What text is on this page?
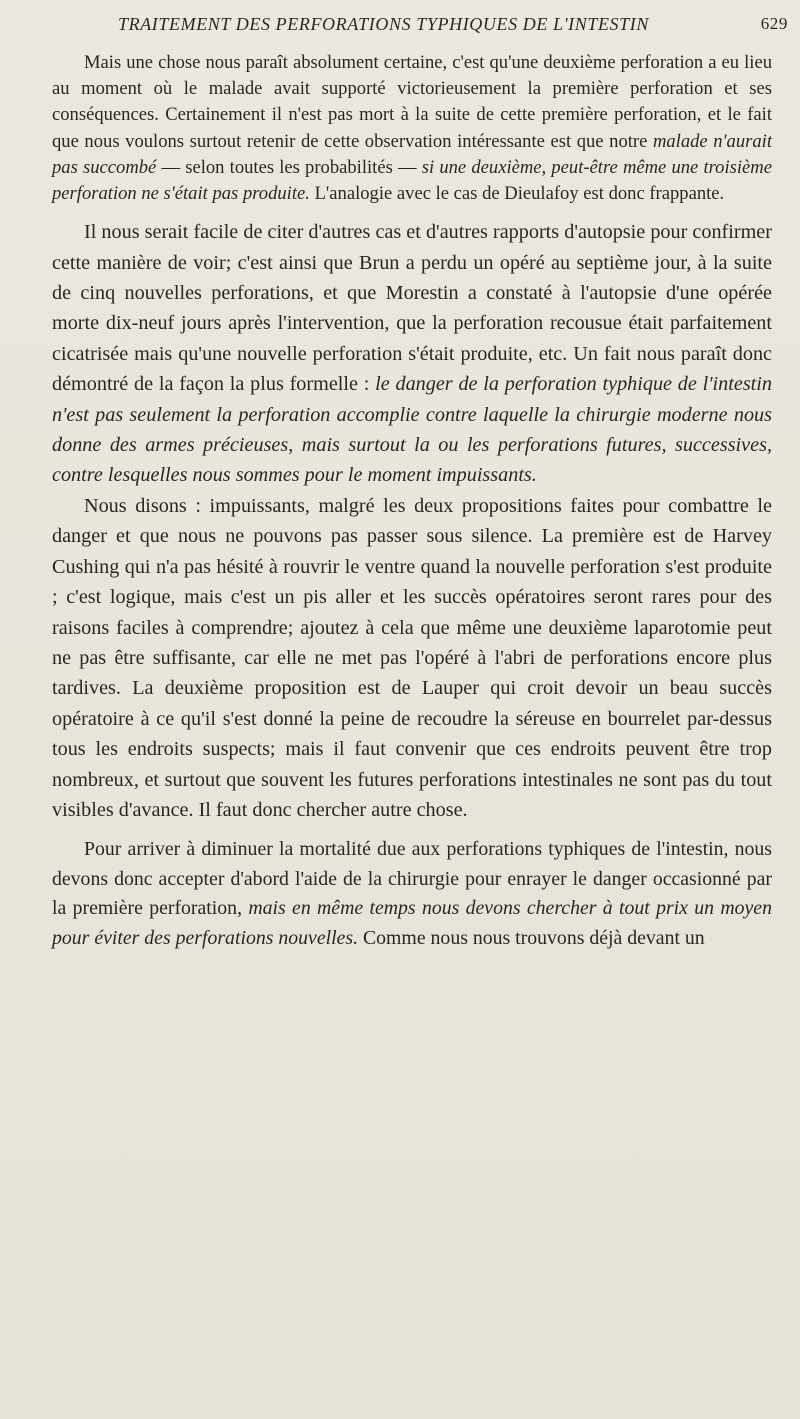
TRAITEMENT DES PERFORATIONS TYPHIQUES DE L'INTESTIN	629

Mais une chose nous paraît absolument certaine, c'est qu'une deuxième perforation a eu lieu au moment où le malade avait supporté victorieusement la première perforation et ses conséquences. Certainement il n'est pas mort à la suite de cette première perforation, et le fait que nous voulons surtout retenir de cette observation intéressante est que notre malade n'aurait pas succombé — selon toutes les probabilités — si une deuxième, peut-être même une troisième perforation ne s'était pas produite. L'analogie avec le cas de Dieulafoy est donc frappante.

Il nous serait facile de citer d'autres cas et d'autres rapports d'autopsie pour confirmer cette manière de voir; c'est ainsi que Brun a perdu un opéré au septième jour, à la suite de cinq nouvelles perforations, et que Morestin a constaté à l'autopsie d'une opérée morte dix-neuf jours après l'intervention, que la perforation recousue était parfaitement cicatrisée mais qu'une nouvelle perforation s'était produite, etc. Un fait nous paraît donc démontré de la façon la plus formelle : le danger de la perforation typhique de l'intestin n'est pas seulement la perforation accomplie contre laquelle la chirurgie moderne nous donne des armes précieuses, mais surtout la ou les perforations futures, successives, contre lesquelles nous sommes pour le moment impuissants.

Nous disons : impuissants, malgré les deux propositions faites pour combattre le danger et que nous ne pouvons pas passer sous silence. La première est de Harvey Cushing qui n'a pas hésité à rouvrir le ventre quand la nouvelle perforation s'est produite ; c'est logique, mais c'est un pis aller et les succès opératoires seront rares pour des raisons faciles à comprendre; ajoutez à cela que même une deuxième laparotomie peut ne pas être suffisante, car elle ne met pas l'opéré à l'abri de perforations encore plus tardives. La deuxième proposition est de Lauper qui croit devoir un beau succès opératoire à ce qu'il s'est donné la peine de recoudre la séreuse en bourrelet par-dessus tous les endroits suspects; mais il faut convenir que ces endroits peuvent être trop nombreux, et surtout que souvent les futures perforations intestinales ne sont pas du tout visibles d'avance. Il faut donc chercher autre chose.

Pour arriver à diminuer la mortalité due aux perforations typhiques de l'intestin, nous devons donc accepter d'abord l'aide de la chirurgie pour enrayer le danger occasionné par la première perforation, mais en même temps nous devons chercher à tout prix un moyen pour éviter des perforations nouvelles. Comme nous nous trouvons déjà devant un
